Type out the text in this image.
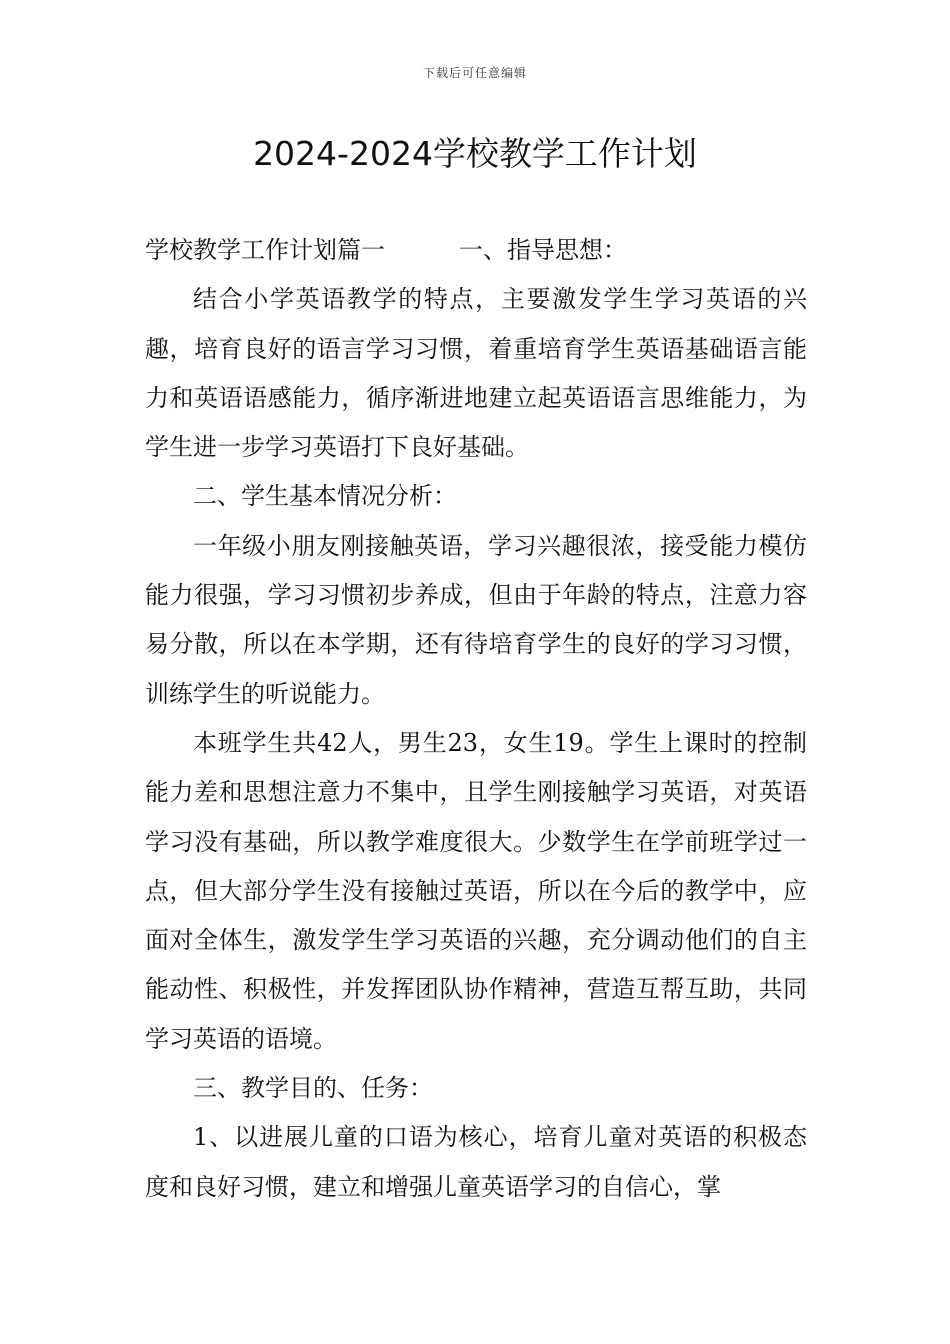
下载后可任意编辑
2024-2024学校教学工作计划

学校教学工作计划篇一	一、指导思想：

结合小学英语教学的特点，主要激发学生学习英语的兴趣，培育良好的语言学习习惯，着重培育学生英语基础语言能力和英语语感能力，循序渐进地建立起英语语言思维能力，为学生进一步学习英语打下良好基础。

二、学生基本情况分析：

一年级小朋友刚接触英语，学习兴趣很浓，接受能力模仿能力很强，学习习惯初步养成，但由于年龄的特点，注意力容易分散，所以在本学期，还有待培育学生的良好的学习习惯，训练学生的听说能力。

本班学生共42人，男生23，女生19。学生上课时的控制能力差和思想注意力不集中，且学生刚接触学习英语，对英语学习没有基础，所以教学难度很大。少数学生在学前班学过一点，但大部分学生没有接触过英语，所以在今后的教学中，应面对全体生，激发学生学习英语的兴趣，充分调动他们的自主能动性、积极性，并发挥团队协作精神，营造互帮互助，共同学习英语的语境。

三、教学目的、任务：

1、以进展儿童的口语为核心，培育儿童对英语的积极态度和良好习惯，建立和增强儿童英语学习的自信心，掌
